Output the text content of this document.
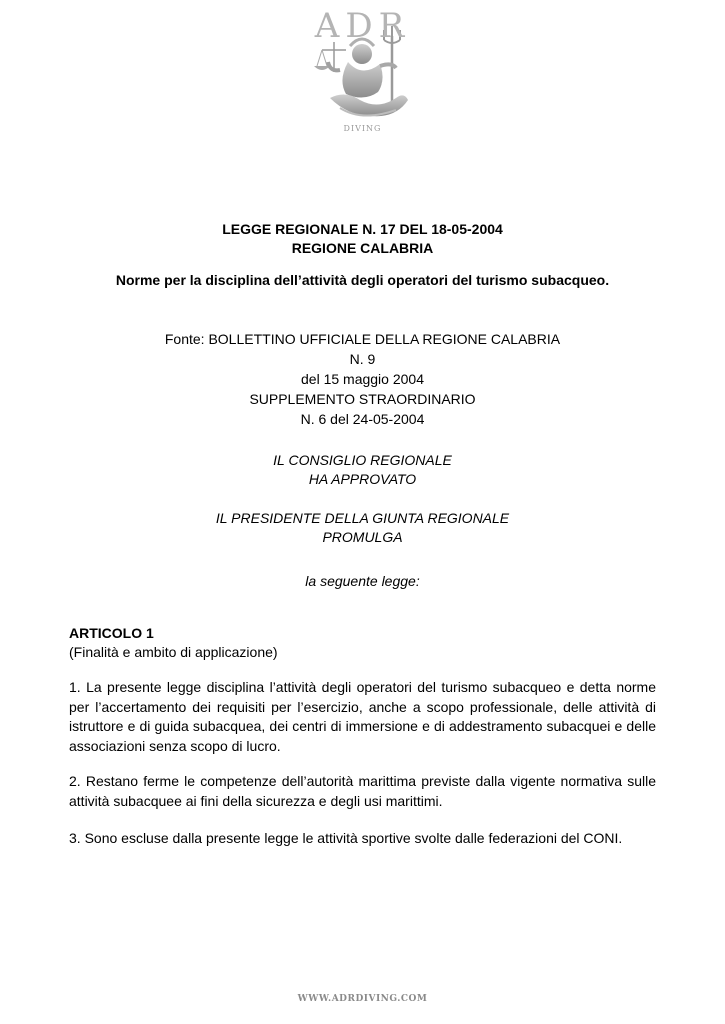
ADR
DIVING
LEGGE REGIONALE N. 17 DEL 18-05-2004
REGIONE CALABRIA
Norme per la disciplina dell’attività degli operatori del turismo subacqueo.
Fonte: BOLLETTINO UFFICIALE DELLA REGIONE CALABRIA
N. 9
del 15 maggio 2004
SUPPLEMENTO STRAORDINARIO
N. 6 del 24-05-2004
IL CONSIGLIO REGIONALE
HA APPROVATO
IL PRESIDENTE DELLA GIUNTA REGIONALE
PROMULGA
la seguente legge:
ARTICOLO 1
(Finalità e ambito di applicazione)
1. La presente legge disciplina l’attività degli operatori del turismo subacqueo e detta norme per l’accertamento dei requisiti per l’esercizio, anche a scopo professionale, delle attività di istruttore e di guida subacquea, dei centri di immersione e di addestramento subacquei e delle associazioni senza scopo di lucro.
2. Restano ferme le competenze dell’autorità marittima previste dalla vigente normativa sulle attività subacquee ai fini della sicurezza e degli usi marittimi.
3. Sono escluse dalla presente legge le attività sportive svolte dalle federazioni del CONI.
WWW.ADRDIVING.COM
